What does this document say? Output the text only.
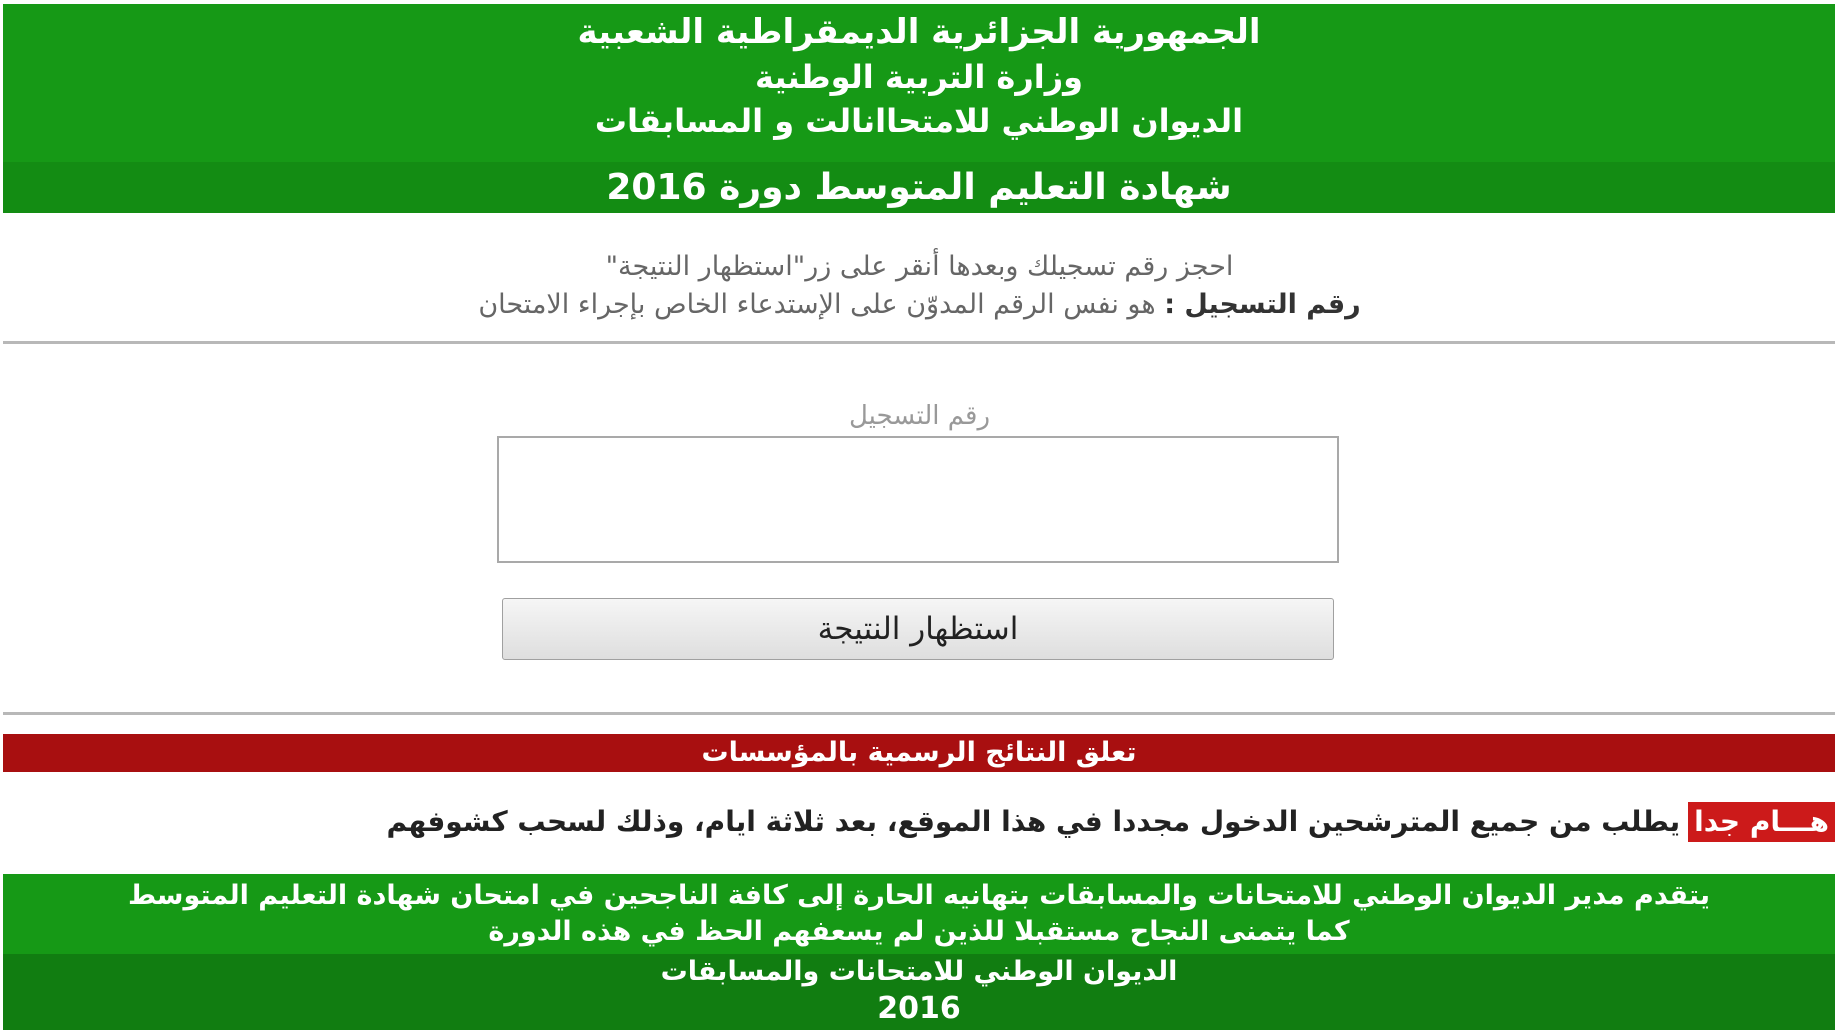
الجمهورية الجزائرية الديمقراطية الشعبية
وزارة التربية الوطنية
الديوان الوطني للامتحاانالت و المسابقات
شهادة التعليم المتوسط دورة 2016
احجز رقم تسجيلك وبعدها أنقر على زر"استظهار النتيجة"
رقم التسجيل : هو نفس الرقم المدوّن على الإستدعاء الخاص بإجراء الامتحان
رقم التسجيل
استظهار النتيجة
تعلق النتائج الرسمية بالمؤسسات
هـــام جدايطلب من جميع المترشحين الدخول مجددا في هذا الموقع، بعد ثلاثة ايام، وذلك لسحب كشوفهم
يتقدم مدير الديوان الوطني للامتحانات والمسابقات بتهانيه الحارة إلى كافة الناجحين في امتحان شهادة التعليم المتوسط
كما يتمنى النجاح مستقبلا للذين لم يسعفهم الحظ في هذه الدورة
الديوان الوطني للامتحانات والمسابقات
2016
